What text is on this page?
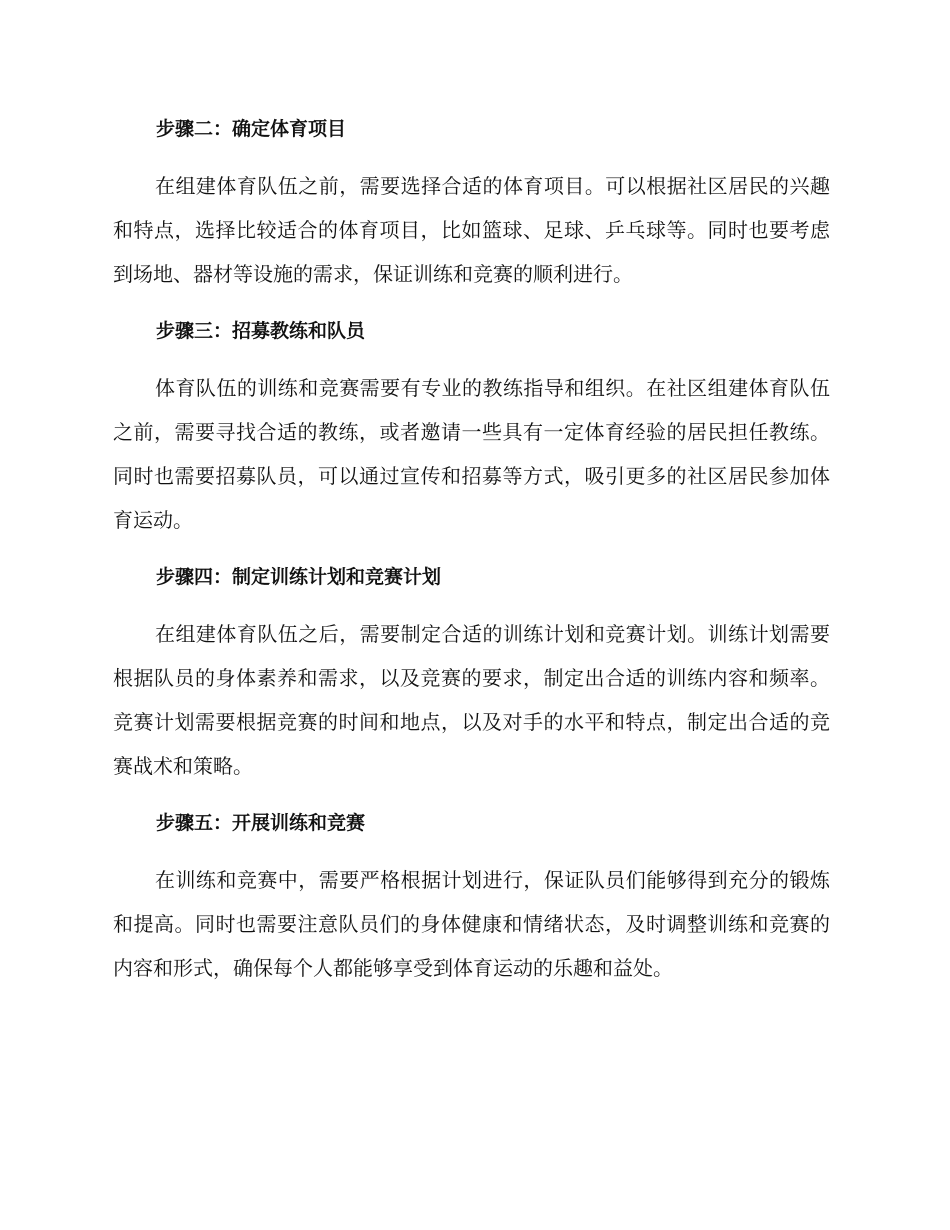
步骤二：确定体育项目

在组建体育队伍之前，需要选择合适的体育项目。可以根据社区居民的兴趣和特点，选择比较适合的体育项目，比如篮球、足球、乒乓球等。同时也要考虑到场地、器材等设施的需求，保证训练和竞赛的顺利进行。

步骤三：招募教练和队员

体育队伍的训练和竞赛需要有专业的教练指导和组织。在社区组建体育队伍之前，需要寻找合适的教练，或者邀请一些具有一定体育经验的居民担任教练。同时也需要招募队员，可以通过宣传和招募等方式，吸引更多的社区居民参加体育运动。

步骤四：制定训练计划和竞赛计划

在组建体育队伍之后，需要制定合适的训练计划和竞赛计划。训练计划需要根据队员的身体素养和需求，以及竞赛的要求，制定出合适的训练内容和频率。竞赛计划需要根据竞赛的时间和地点，以及对手的水平和特点，制定出合适的竞赛战术和策略。

步骤五：开展训练和竞赛

在训练和竞赛中，需要严格根据计划进行，保证队员们能够得到充分的锻炼和提高。同时也需要注意队员们的身体健康和情绪状态，及时调整训练和竞赛的内容和形式，确保每个人都能够享受到体育运动的乐趣和益处。
